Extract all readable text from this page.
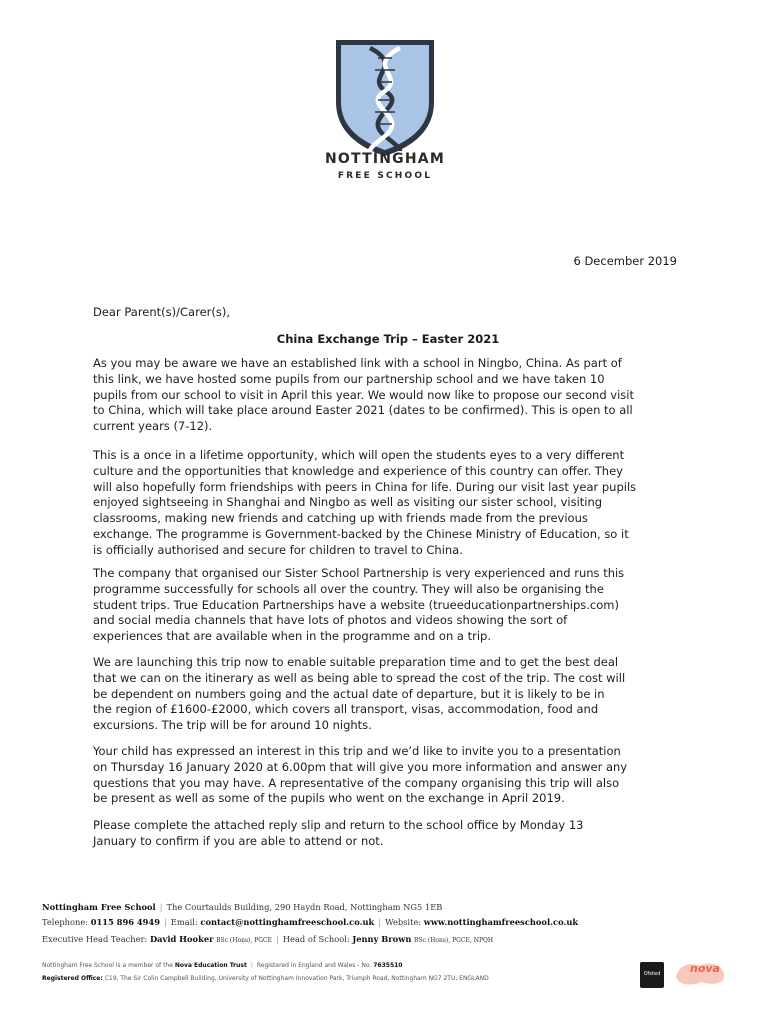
NOTTINGHAM
FREE SCHOOL
6 December 2019
Dear Parent(s)/Carer(s),
China Exchange Trip – Easter 2021
As you may be aware we have an established link with a school in Ningbo, China. As part of
this link, we have hosted some pupils from our partnership school and we have taken 10
pupils from our school to visit in April this year. We would now like to propose our second visit
to China, which will take place around Easter 2021 (dates to be confirmed). This is open to all
current years (7-12).
This is a once in a lifetime opportunity, which will open the students eyes to a very different
culture and the opportunities that knowledge and experience of this country can offer. They
will also hopefully form friendships with peers in China for life. During our visit last year pupils
enjoyed sightseeing in Shanghai and Ningbo as well as visiting our sister school, visiting
classrooms, making new friends and catching up with friends made from the previous
exchange. The programme is Government-backed by the Chinese Ministry of Education, so it
is officially authorised and secure for children to travel to China.
The company that organised our Sister School Partnership is very experienced and runs this
programme successfully for schools all over the country. They will also be organising the
student trips. True Education Partnerships have a website (trueeducationpartnerships.com)
and social media channels that have lots of photos and videos showing the sort of
experiences that are available when in the programme and on a trip.
We are launching this trip now to enable suitable preparation time and to get the best deal
that we can on the itinerary as well as being able to spread the cost of the trip. The cost will
be dependent on numbers going and the actual date of departure, but it is likely to be in
the region of £1600-£2000, which covers all transport, visas, accommodation, food and
excursions. The trip will be for around 10 nights.
Your child has expressed an interest in this trip and we’d like to invite you to a presentation
on Thursday 16 January 2020 at 6.00pm that will give you more information and answer any
questions that you may have. A representative of the company organising this trip will also
be present as well as some of the pupils who went on the exchange in April 2019.
Please complete the attached reply slip and return to the school office by Monday 13
January to confirm if you are able to attend or not.
Nottingham Free School | The Courtaulds Building, 290 Haydn Road, Nottingham NG5 1EB
Telephone: 0115 896 4949 | Email: contact@nottinghamfreeschool.co.uk | Website: www.nottinghamfreeschool.co.uk
Executive Head Teacher: David Hooker BSc (Hons), PGCE | Head of School: Jenny Brown BSc (Hons), PGCE, NPQH
Nottingham Free School is a member of the Nova Education Trust | Registered in England and Wales - No. 7635510
Registered Office: C19, The Sir Colin Campbell Building, University of Nottingham Innovation Park, Triumph Road, Nottingham NG7 2TU, ENGLAND
Ofsted	nova
